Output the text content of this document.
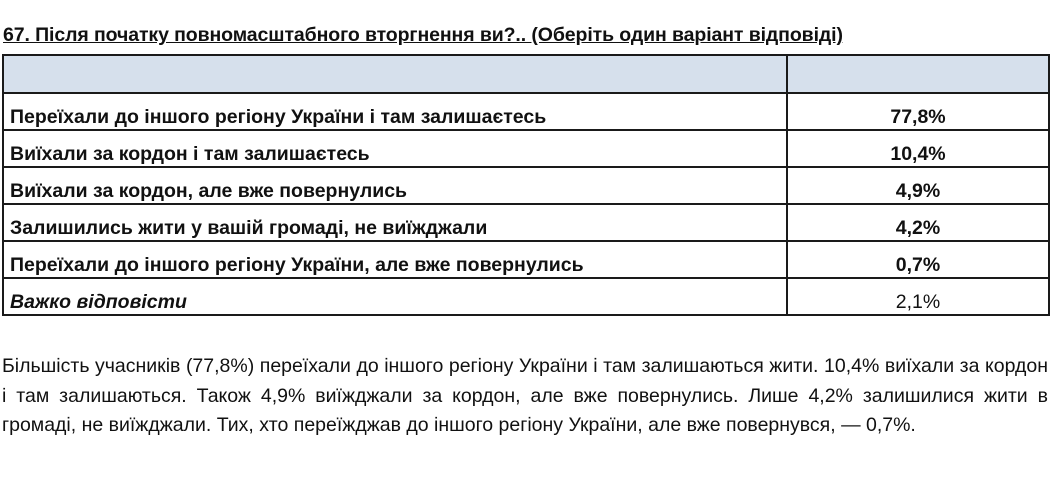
67. Після початку повномасштабного вторгнення ви?.. (Оберіть один варіант відповіді)

Переїхали до іншого регіону України і там залишаєтесь	77,8%
Виїхали за кордон і там залишаєтесь	10,4%
Виїхали за кордон, але вже повернулись	4,9%
Залишились жити у вашій громаді, не виїжджали	4,2%
Переїхали до іншого регіону України, але вже повернулись	0,7%
Важко відповісти	2,1%

Більшість учасників (77,8%) переїхали до іншого регіону України і там залишаються жити. 10,4% виїхали за кордон і там залишаються. Також 4,9% виїжджали за кордон, але вже повернулись. Лише 4,2% залишилися жити в громаді, не виїжджали. Тих, хто переїжджав до іншого регіону України, але вже повернувся, — 0,7%.
